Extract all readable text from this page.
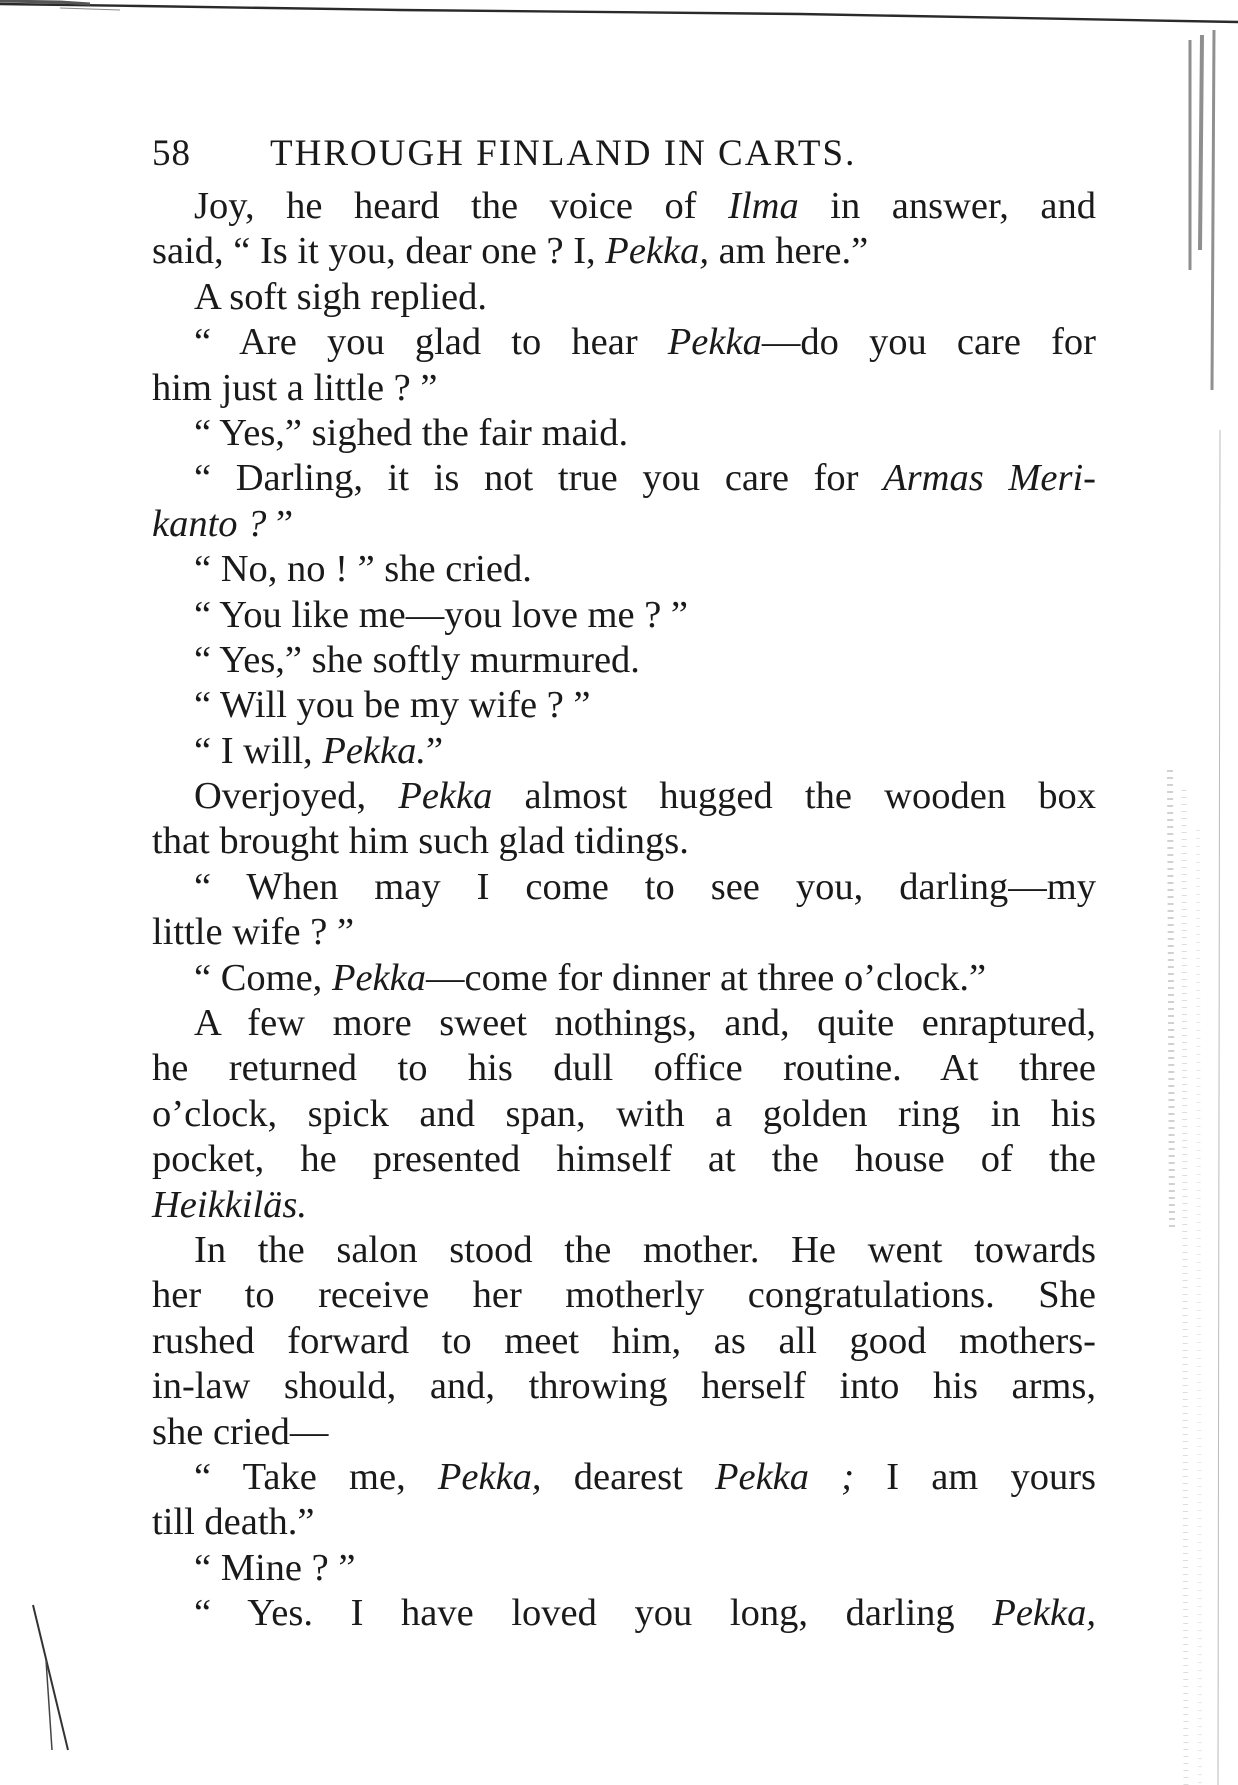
58 THROUGH FINLAND IN CARTS.
Joy, he heard the voice of Ilma in answer, and
said, “ Is it you, dear one ? I, Pekka, am here.”
A soft sigh replied.
“ Are you glad to hear Pekka—do you care for
him just a little ? ”
“ Yes,” sighed the fair maid.
“ Darling, it is not true you care for Armas Meri-
kanto ? ”
“ No, no ! ” she cried.
“ You like me—you love me ? ”
“ Yes,” she softly murmured.
“ Will you be my wife ? ”
“ I will, Pekka.”
Overjoyed, Pekka almost hugged the wooden box
that brought him such glad tidings.
“ When may I come to see you, darling—my
little wife ? ”
“ Come, Pekka—come for dinner at three o’clock.”
A few more sweet nothings, and, quite enraptured,
he returned to his dull office routine. At three
o’clock, spick and span, with a golden ring in his
pocket, he presented himself at the house of the
Heikkiläs.
In the salon stood the mother. He went towards
her to receive her motherly congratulations. She
rushed forward to meet him, as all good mothers-
in-law should, and, throwing herself into his arms,
she cried—
“ Take me, Pekka, dearest Pekka ; I am yours
till death.”
“ Mine ? ”
“ Yes. I have loved you long, darling Pekka,
